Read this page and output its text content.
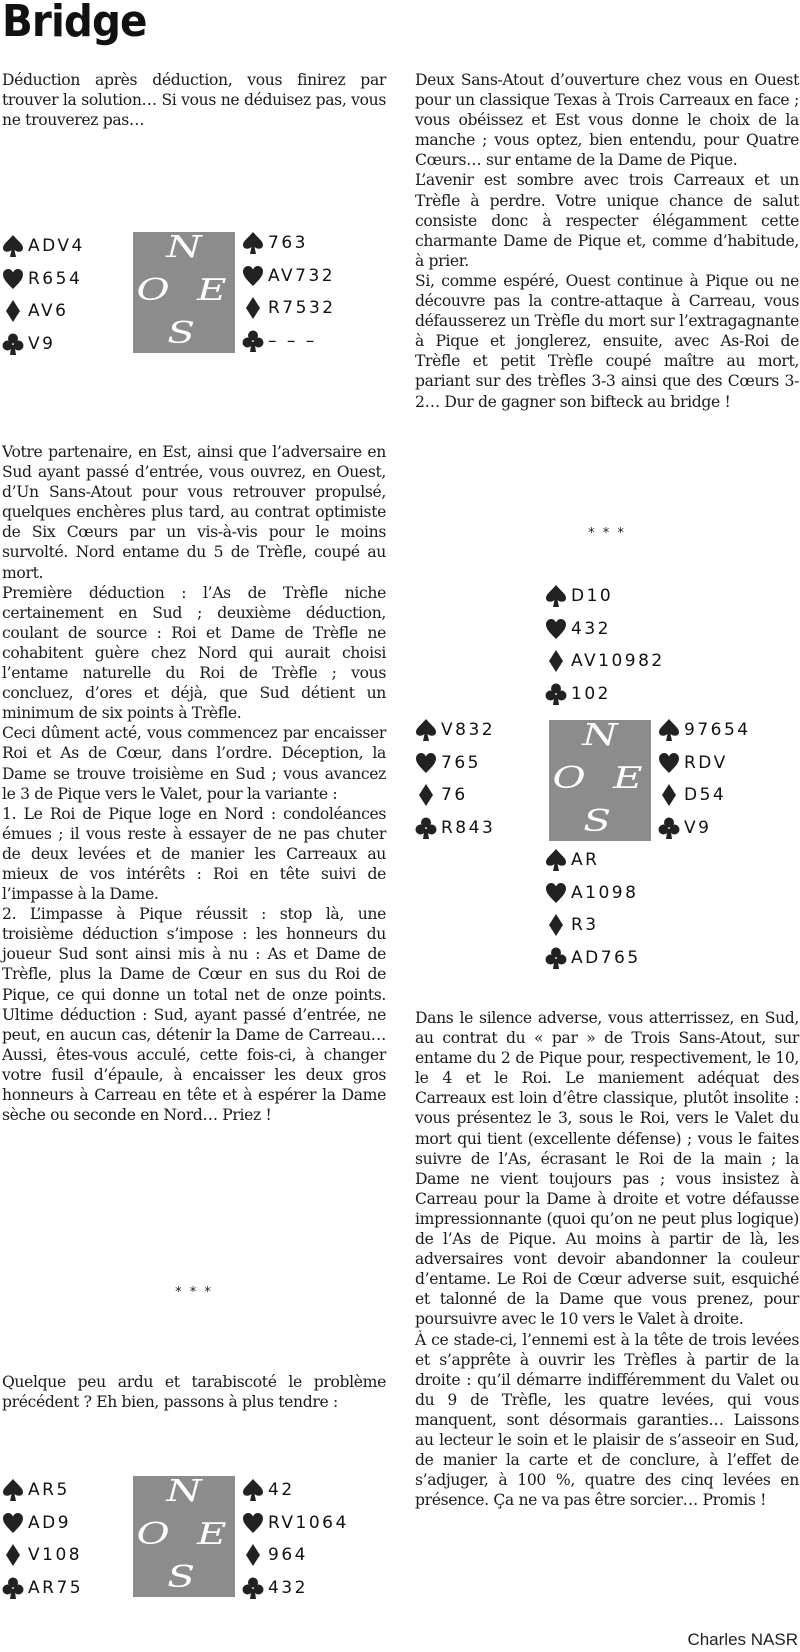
Bridge

Déduction après déduction, vous finirez par trouver la solution… Si vous ne déduisez pas, vous ne trouverez pas…

ADV4
R654
AV6
V9
N
O E
S
763
AV732
R7532
– – –

Votre partenaire, en Est, ainsi que l’adversaire en Sud ayant passé d’entrée, vous ouvrez, en Ouest, d’Un Sans-Atout pour vous retrouver propulsé, quelques enchères plus tard, au contrat optimiste de Six Cœurs par un vis-à-vis pour le moins survolté. Nord entame du 5 de Trèfle, coupé au mort.

Première déduction : l’As de Trèfle niche certainement en Sud ; deuxième déduction, coulant de source : Roi et Dame de Trèfle ne cohabitent guère chez Nord qui aurait choisi l’entame naturelle du Roi de Trèfle ; vous concluez, d’ores et déjà, que Sud détient un minimum de six points à Trèfle.

Ceci dûment acté, vous commencez par encaisser Roi et As de Cœur, dans l’ordre. Déception, la Dame se trouve troisième en Sud ; vous avancez le 3 de Pique vers le Valet, pour la variante :

1. Le Roi de Pique loge en Nord : condoléances émues ; il vous reste à essayer de ne pas chuter de deux levées et de manier les Carreaux au mieux de vos intérêts : Roi en tête suivi de l’impasse à la Dame.

2. L’impasse à Pique réussit : stop là, une troisième déduction s’impose : les honneurs du joueur Sud sont ainsi mis à nu : As et Dame de Trèfle, plus la Dame de Cœur en sus du Roi de Pique, ce qui donne un total net de onze points. Ultime déduction : Sud, ayant passé d’entrée, ne peut, en aucun cas, détenir la Dame de Carreau… Aussi, êtes-vous acculé, cette fois-ci, à changer votre fusil d’épaule, à encaisser les deux gros honneurs à Carreau en tête et à espérer la Dame sèche ou seconde en Nord… Priez !

* * *

Quelque peu ardu et tarabiscoté le problème précédent ? Eh bien, passons à plus tendre :

AR5
AD9
V108
AR75
N
O E
S
42
RV1064
964
432

Deux Sans-Atout d’ouverture chez vous en Ouest pour un classique Texas à Trois Carreaux en face ; vous obéissez et Est vous donne le choix de la manche ; vous optez, bien entendu, pour Quatre Cœurs… sur entame de la Dame de Pique.

L’avenir est sombre avec trois Carreaux et un Trèfle à perdre. Votre unique chance de salut consiste donc à respecter élégamment cette charmante Dame de Pique et, comme d’habitude, à prier.

Si, comme espéré, Ouest continue à Pique ou ne découvre pas la contre-attaque à Carreau, vous défausserez un Trèfle du mort sur l’extragagnante à Pique et jonglerez, ensuite, avec As-Roi de Trèfle et petit Trèfle coupé maître au mort, pariant sur des trèfles 3-3 ainsi que des Cœurs 3-2… Dur de gagner son bifteck au bridge !

* * *
D10
432
AV10982
102
V832
765
76
R843
N
O E
S
97654
RDV
D54
V9
AR
A1098
R3
AD765

Dans le silence adverse, vous atterrissez, en Sud, au contrat du « par » de Trois Sans-Atout, sur entame du 2 de Pique pour, respectivement, le 10, le 4 et le Roi. Le maniement adéquat des Carreaux est loin d’être classique, plutôt insolite : vous présentez le 3, sous le Roi, vers le Valet du mort qui tient (excellente défense) ; vous le faites suivre de l’As, écrasant le Roi de la main ; la Dame ne vient toujours pas ; vous insistez à Carreau pour la Dame à droite et votre défausse impressionnante (quoi qu’on ne peut plus logique) de l’As de Pique. Au moins à partir de là, les adversaires vont devoir abandonner la couleur d’entame. Le Roi de Cœur adverse suit, esquiché et talonné de la Dame que vous prenez, pour poursuivre avec le 10 vers le Valet à droite.

À ce stade-ci, l’ennemi est à la tête de trois levées et s’apprête à ouvrir les Trèfles à partir de la droite : qu’il démarre indifféremment du Valet ou du 9 de Trèfle, les quatre levées, qui vous manquent, sont désormais garanties… Laissons au lecteur le soin et le plaisir de s’asseoir en Sud, de manier la carte et de conclure, à l’effet de s’adjuger, à 100 %, quatre des cinq levées en présence. Ça ne va pas être sorcier… Promis !

Charles NASR
